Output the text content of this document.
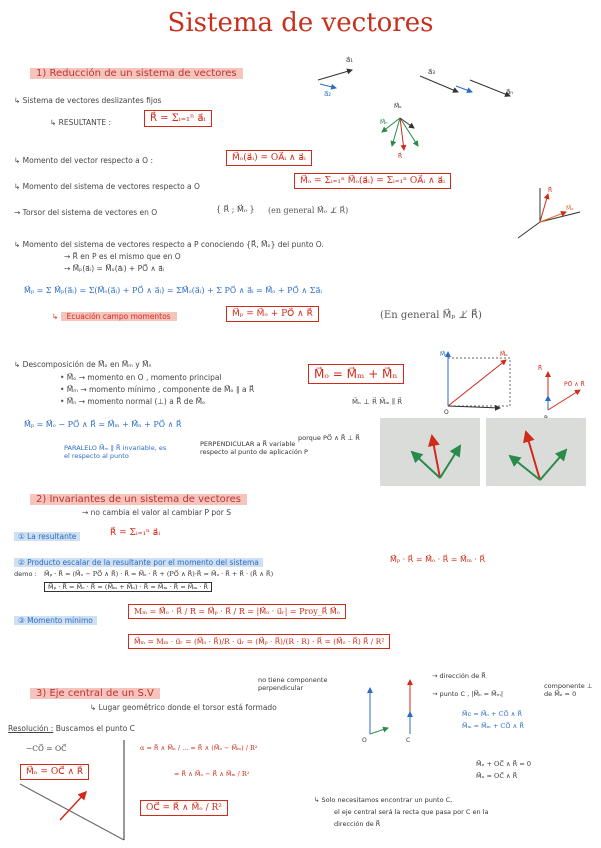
Sistema de vectores
1) Reducción de un sistema de vectores
↳ Sistema de vectores deslizantes fijos
↳ RESULTANTE :	R⃗ = Σᵢ₌₁ⁿ a⃗ᵢ
↳ Momento del vector respecto a O :	M⃗ₒ(a⃗ᵢ) = OA⃗ᵢ ∧ a⃗ᵢ
↳ Momento del sistema de vectores respecto a O
M⃗ₒ = Σᵢ₌₁ⁿ M⃗ₒ(a⃗ᵢ) = Σᵢ₌₁ⁿ OA⃗ᵢ ∧ a⃗ᵢ
→ Torsor del sistema de vectores en O	{ R⃗ ; M⃗ₒ } (en general M⃗ₒ ⊥̸ R⃗)
↳ Momento del sistema de vectores respecto a P conociendo {R⃗, M⃗ₒ} del punto O.
→ R⃗ en P es el mismo que en O
→ M⃗ₚ(a⃗ᵢ) = M⃗ₒ(a⃗ᵢ) + PO⃗ ∧ a⃗ᵢ
M⃗ₚ = Σ M⃗ₚ(a⃗ᵢ) = Σ(M⃗ₒ(a⃗ᵢ) + PO⃗ ∧ a⃗ᵢ) = ΣM⃗ₒ(a⃗ᵢ) + Σ PO⃗ ∧ a⃗ᵢ = M⃗ₒ + PO⃗ ∧ Σa⃗ᵢ
↳ Ecuación campo momentos	M⃗ₚ = M⃗ₒ + PO⃗ ∧ R⃗	(En general M⃗ₚ ⊥̸ R⃗)
↳ Descomposición de M⃗ₒ en M⃗ₘ y M⃗ₙ
• M⃗ₒ → momento en O , momento principal
• M⃗ₘ → momento mínimo , componente de M⃗ₒ ∥ a R⃗
• M⃗ₙ → momento normal (⊥) a R⃗ de M⃗ₒ
M⃗ₒ = M⃗ₘ + M⃗ₙ
M⃗ₙ ⊥ R⃗ M⃗ₘ ∥ R⃗
M⃗ₚ = M⃗ₒ − PO⃗ ∧ R⃗ = M⃗ₘ + M⃗ₙ + PO⃗ ∧ R⃗
PARALELO M⃗ₘ ∥ R⃗ invariable, es el respecto al punto
PERPENDICULAR a R⃗ variable respecto al punto de aplicación P
porque PO⃗ ∧ R⃗ ⊥ R⃗
2) Invariantes de un sistema de vectores
→ no cambia el valor al cambiar P por S
① La resultante	R⃗ = Σᵢ₌₁ⁿ a⃗ᵢ
② Producto escalar de la resultante por el momento del sistema	M⃗ₚ · R⃗ = M⃗ₒ · R⃗ = M⃗ₘ · R⃗
demo : M⃗ₚ · R⃗ = (M⃗ₒ − PO⃗ ∧ R⃗) · R⃗ = M⃗ₒ · R⃗ + (PO⃗ ∧ R⃗)·R⃗ = M⃗ₒ · R⃗ + R⃗ · (R⃗ ∧ R⃗)
M⃗ₚ · R⃗ = M⃗ₒ · R⃗ = (M⃗ₘ + M⃗ₙ) · R⃗ = M⃗ₘ · R⃗ = M⃗ₘ · R⃗
③ Momento mínimo
Mₘ = M⃗ₒ · R⃗ / R = M⃗ₚ · R⃗ / R = |M⃗ₒ · u⃗ᵣ| = Proy_R⃗ M⃗ₒ
M⃗ₘ = Mₘ · u⃗ᵣ = (M⃗ₒ · R⃗)/R · u⃗ᵣ = (M⃗ₚ · R⃗)/(R · R) · R⃗ = (M⃗ₒ · R⃗) R⃗ / R²
3) Eje central de un S.V
↳ Lugar geométrico donde el torsor está formado
no tiene componente perpendicular
→ dirección de R⃗
→ punto C , |M⃗ₙ = M⃗ₘ|
componente ⊥ de M⃗ₒ = 0
M⃗c = M⃗ₒ + CO⃗ ∧ R⃗
M⃗ₘ = M⃗ₘ + CO⃗ ∧ R⃗
M⃗ₙ + OC⃗ ∧ R⃗ = 0
M⃗ₙ = OC⃗ ∧ R⃗
Resolución : Buscamos el punto C
−CO⃗ = OC⃗
M⃗ₙ = OC⃗ ∧ R⃗
α = R⃗ ∧ M⃗ₙ / ... = R⃗ ∧ (M⃗ₒ − M⃗ₘ) / R²
= R⃗ ∧ M⃗ₒ − R⃗ ∧ M⃗ₘ / R²
OC⃗ = R⃗ ∧ M⃗ₒ / R²
↳ Solo necesitamos encontrar un punto C,
el eje central será la recta que pasa por C en la
dirección de R⃗
a⃗₁
a⃗₂
a⃗₃
a⃗ₙ
M⃗ₒ
M⃗ₙ
R⃗
R⃗
M⃗ₒ
M⃗ₘ	M⃗ₒ
O
PO⃗ ∧ R⃗
R⃗
O	C
